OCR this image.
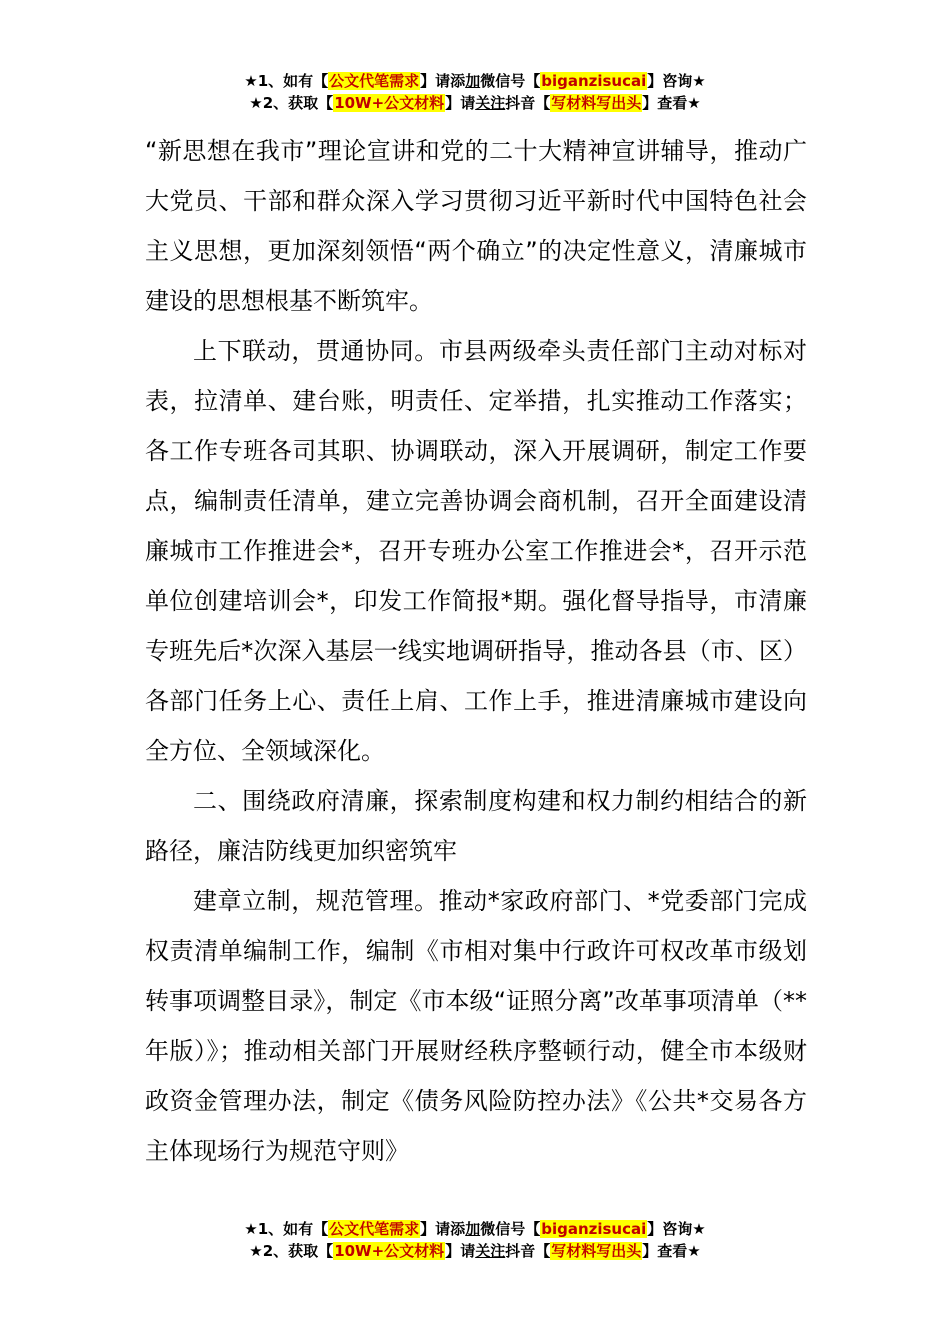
★1、如有【公文代笔需求】请添加微信号【biganzisucai】咨询★
★2、获取【10W+公文材料】请关注抖音【写材料写出头】查看★

“新思想在我市”理论宣讲和党的二十大精神宣讲辅导，推动广大党员、干部和群众深入学习贯彻习近平新时代中国特色社会主义思想，更加深刻领悟“两个确立”的决定性意义，清廉城市建设的思想根基不断筑牢。

上下联动，贯通协同。市县两级牵头责任部门主动对标对表，拉清单、建台账，明责任、定举措，扎实推动工作落实；各工作专班各司其职、协调联动，深入开展调研，制定工作要点，编制责任清单，建立完善协调会商机制，召开全面建设清廉城市工作推进会*，召开专班办公室工作推进会*，召开示范单位创建培训会*，印发工作简报*期。强化督导指导，市清廉专班先后*次深入基层一线实地调研指导，推动各县（市、区）各部门任务上心、责任上肩、工作上手，推进清廉城市建设向全方位、全领域深化。

二、围绕政府清廉，探索制度构建和权力制约相结合的新路径，廉洁防线更加织密筑牢

建章立制，规范管理。推动*家政府部门、*党委部门完成权责清单编制工作，编制《市相对集中行政许可权改革市级划转事项调整目录》，制定《市本级“证照分离”改革事项清单（**年版）》；推动相关部门开展财经秩序整顿行动，健全市本级财政资金管理办法，制定《债务风险防控办法》《公共*交易各方主体现场行为规范守则》

★1、如有【公文代笔需求】请添加微信号【biganzisucai】咨询★
★2、获取【10W+公文材料】请关注抖音【写材料写出头】查看★
